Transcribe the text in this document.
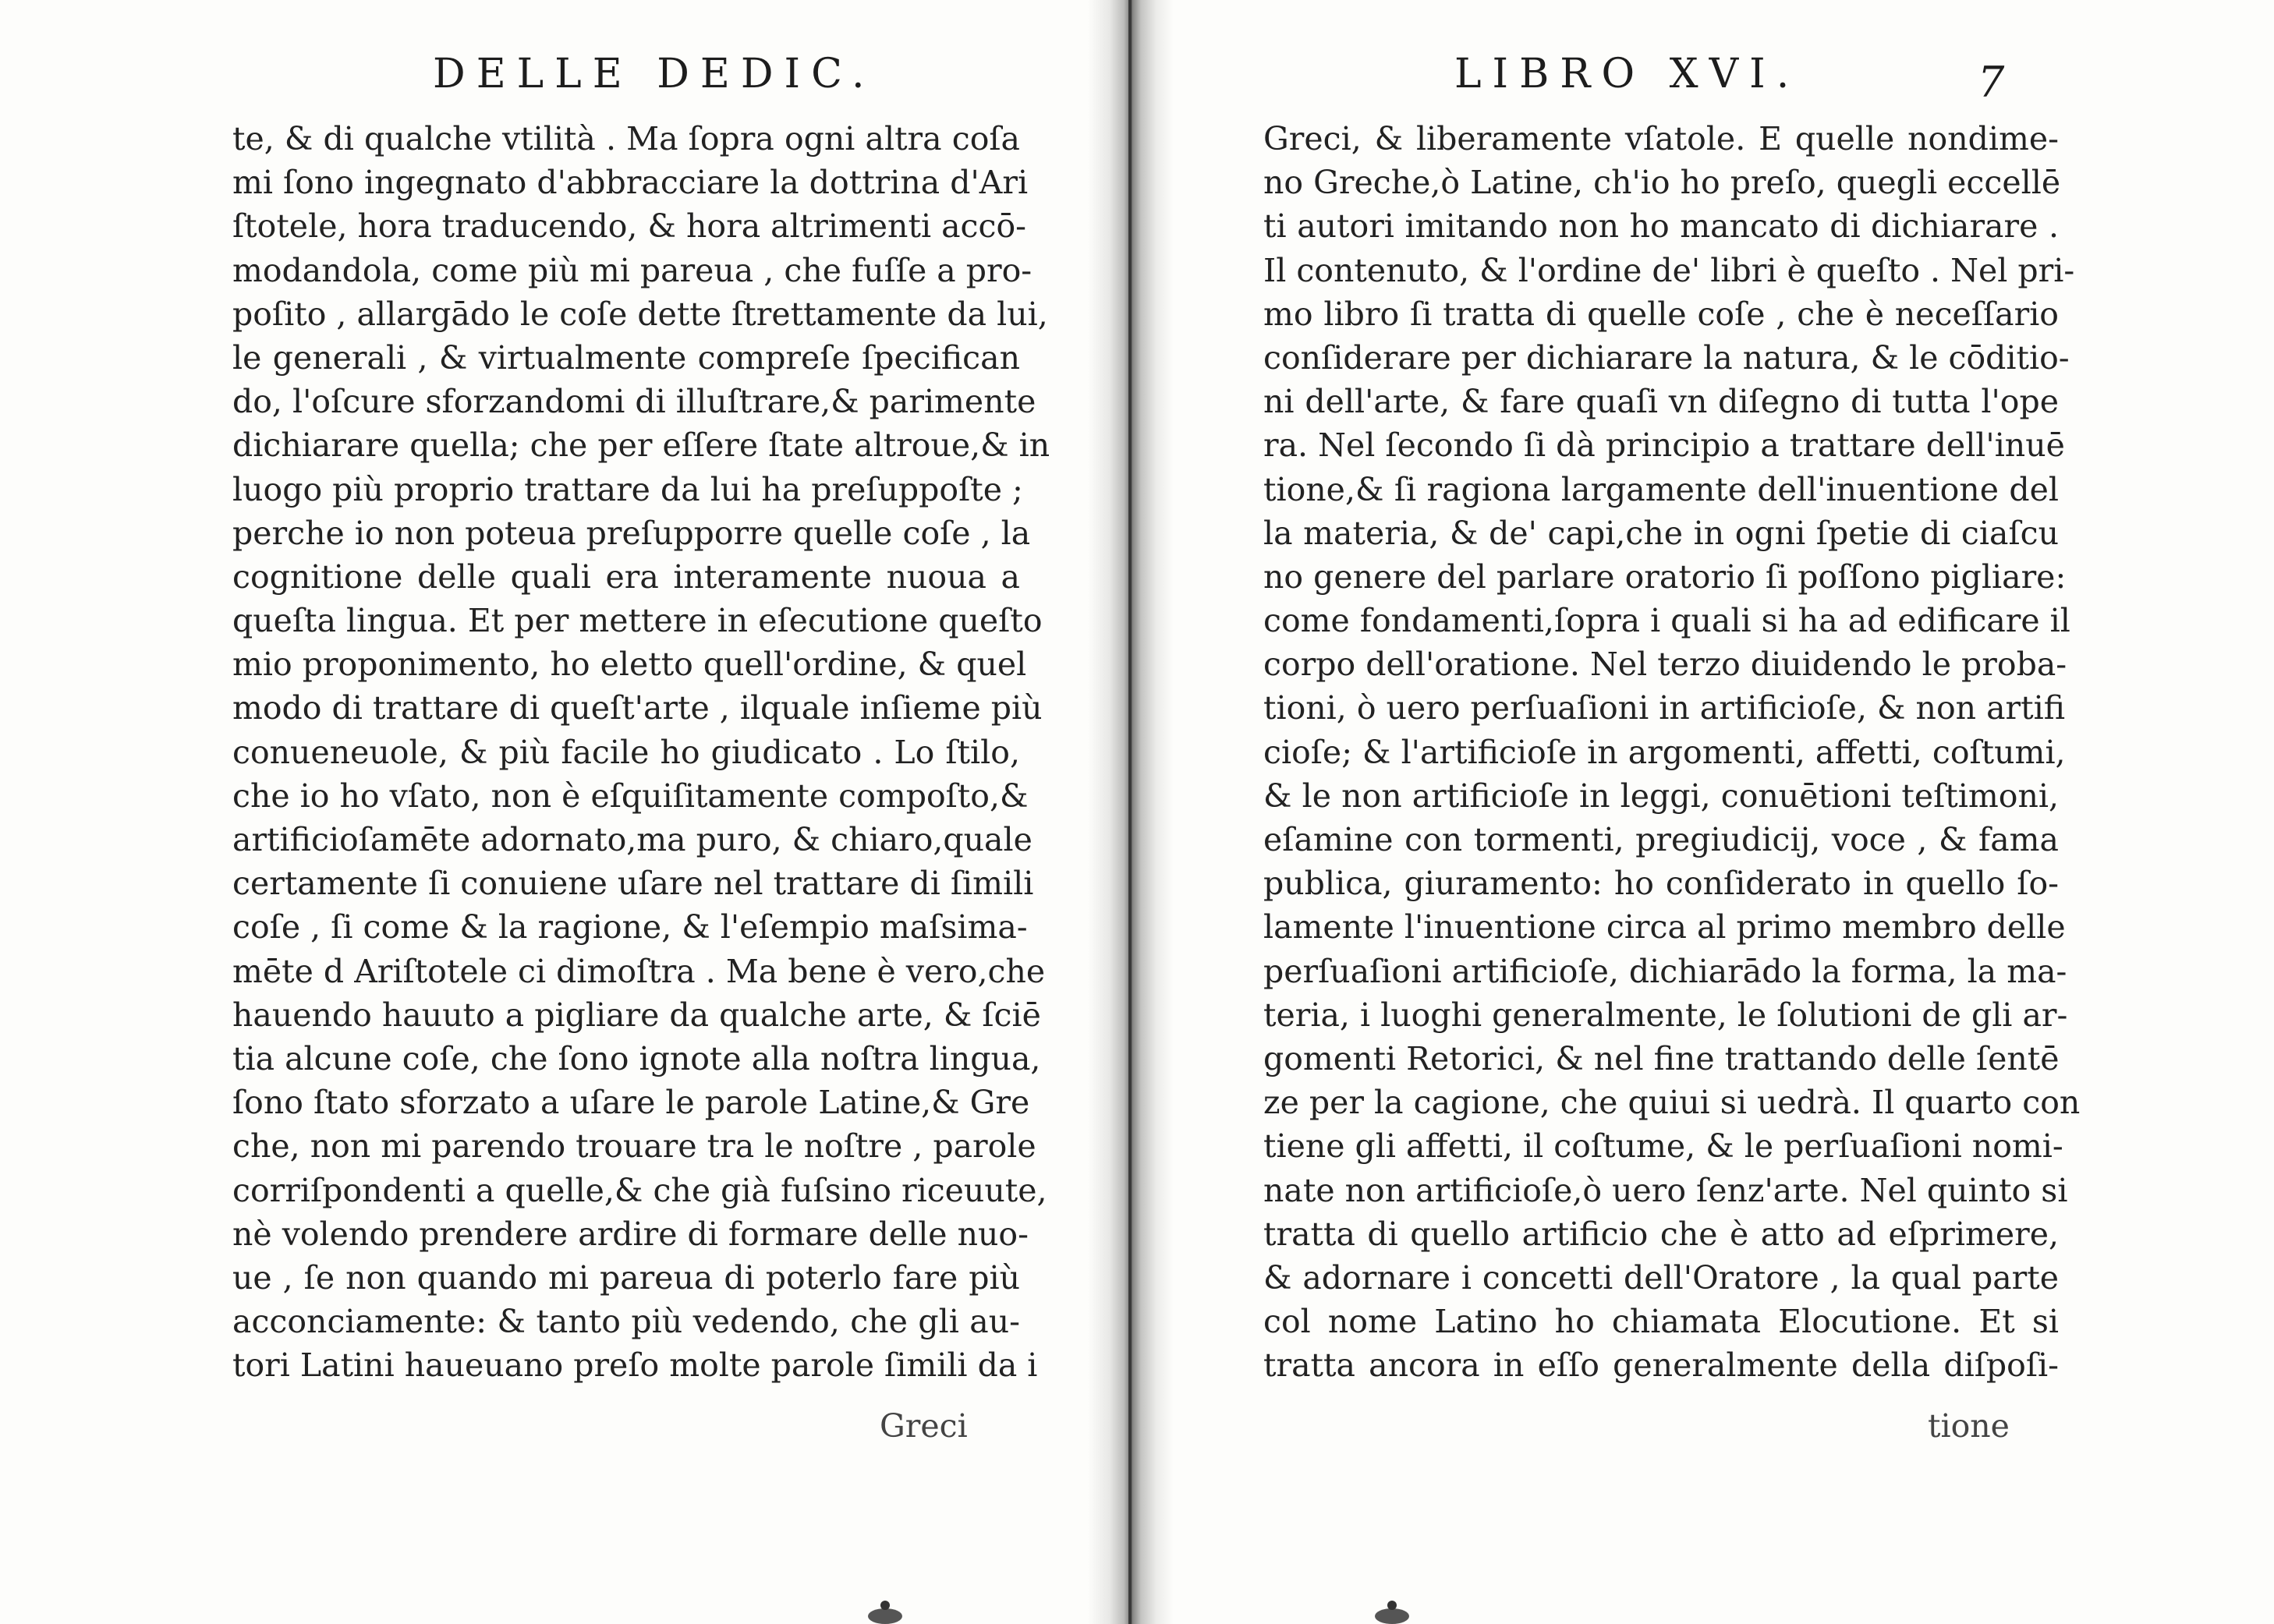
DELLE DEDIC.
te, & di qualche vtilità . Ma ſopra ogni altra coſa
mi ſono ingegnato d'abbracciare la dottrina d'Ari
ſtotele, hora traducendo, & hora altrimenti accō-
modandola, come più mi pareua , che fuſſe a pro-
poſito , allargādo le coſe dette ſtrettamente da lui,
le generali , & virtualmente compreſe ſpecifican
do, l'oſcure sforzandomi di illuſtrare,& parimente
dichiarare quella; che per eſſere ſtate altroue,& in
luogo più proprio trattare da lui ha preſuppoſte ;
perche io non poteua preſupporre quelle coſe , la
cognitione delle quali era interamente nuoua a
queſta lingua. Et per mettere in eſecutione queſto
mio proponimento, ho eletto quell'ordine, & quel
modo di trattare di queſt'arte , ilquale inſieme più
conueneuole, & più facile ho giudicato . Lo ſtilo,
che io ho vſato, non è eſquiſitamente compoſto,&
artificioſamēte adornato,ma puro, & chiaro,quale
certamente ſi conuiene uſare nel trattare di ſimili
coſe , ſi come & la ragione, & l'eſempio maſsima-
mēte d Ariſtotele ci dimoſtra . Ma bene è vero,che
hauendo hauuto a pigliare da qualche arte, & ſciē
tia alcune coſe, che ſono ignote alla noſtra lingua,
ſono ſtato sforzato a uſare le parole Latine,& Gre
che, non mi parendo trouare tra le noſtre , parole
corriſpondenti a quelle,& che già fuſsino riceuute,
nè volendo prendere ardire di formare delle nuo-
ue , ſe non quando mi pareua di poterlo fare più
acconciamente: & tanto più vedendo, che gli au-
tori Latini haueuano preſo molte parole ſimili da i
Greci
LIBRO XVI.	7
Greci, & liberamente vſatole. E quelle nondime-
no Greche,ò Latine, ch'io ho preſo, quegli eccellē
ti autori imitando non ho mancato di dichiarare .
Il contenuto, & l'ordine de' libri è queſto . Nel pri-
mo libro ſi tratta di quelle coſe , che è neceſſario
conſiderare per dichiarare la natura, & le cōditio-
ni dell'arte, & fare quaſi vn diſegno di tutta l'ope
ra. Nel ſecondo ſi dà principio a trattare dell'inuē
tione,& ſi ragiona largamente dell'inuentione del
la materia, & de' capi,che in ogni ſpetie di ciaſcu
no genere del parlare oratorio ſi poſſono pigliare:
come fondamenti,ſopra i quali si ha ad edificare il
corpo dell'oratione. Nel terzo diuidendo le proba-
tioni, ò uero perſuaſioni in artificioſe, & non artifi
cioſe; & l'artificioſe in argomenti, affetti, coſtumi,
& le non artificioſe in leggi, conuētioni teſtimoni,
eſamine con tormenti, pregiudicij, voce , & fama
publica, giuramento: ho conſiderato in quello ſo-
lamente l'inuentione circa al primo membro delle
perſuaſioni artificioſe, dichiarādo la forma, la ma-
teria, i luoghi generalmente, le ſolutioni de gli ar-
gomenti Retorici, & nel fine trattando delle ſentē
ze per la cagione, che quiui si uedrà. Il quarto con
tiene gli affetti, il coſtume, & le perſuaſioni nomi-
nate non artificioſe,ò uero ſenz'arte. Nel quinto si
tratta di quello artificio che è atto ad eſprimere,
& adornare i concetti dell'Oratore , la qual parte
col nome Latino ho chiamata Elocutione. Et si
tratta ancora in eſſo generalmente della diſpoſi-
tione
